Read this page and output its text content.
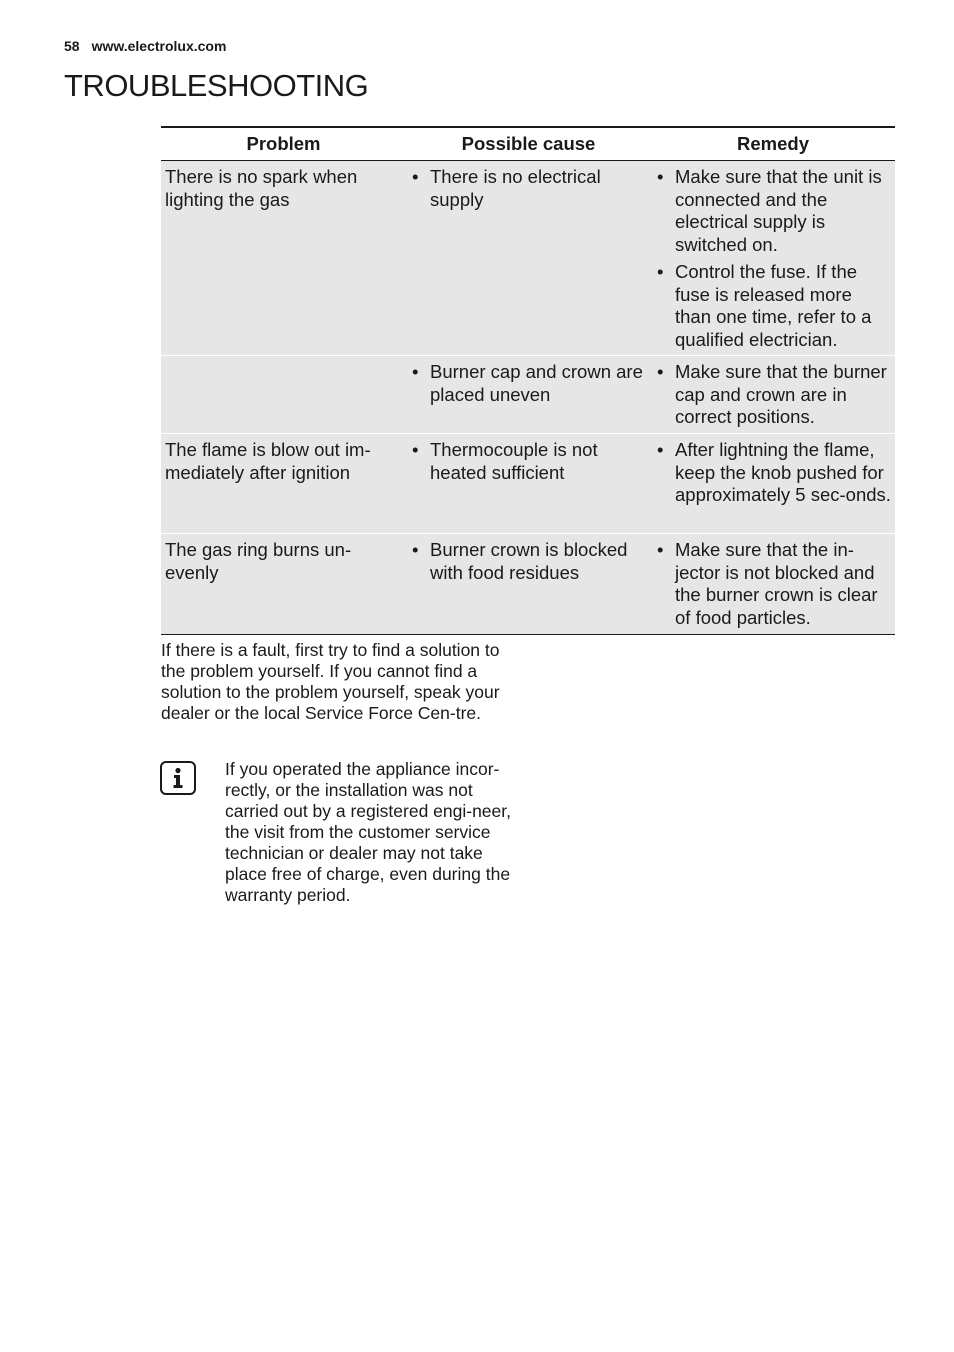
58 www.electrolux.com
TROUBLESHOOTING
Problem	Possible cause	Remedy
There is no spark when lighting the gas
• There is no electrical supply
• Make sure that the unit is connected and the electrical supply is switched on.
• Control the fuse. If the fuse is released more than one time, refer to a qualified electrician.
• Burner cap and crown are placed uneven
• Make sure that the burner cap and crown are in correct positions.
The flame is blow out im-mediately after ignition
• Thermocouple is not heated sufficient
• After lightning the flame, keep the knob pushed for approximately 5 sec-onds.
The gas ring burns un-evenly
• Burner crown is blocked with food residues
• Make sure that the in-jector is not blocked and the burner crown is clear of food particles.
If there is a fault, first try to find a solution to the problem yourself. If you cannot find a solution to the problem yourself, speak your dealer or the local Service Force Cen-tre.
If you operated the appliance incor-rectly, or the installation was not carried out by a registered engi-neer, the visit from the customer service technician or dealer may not take place free of charge, even during the warranty period.
